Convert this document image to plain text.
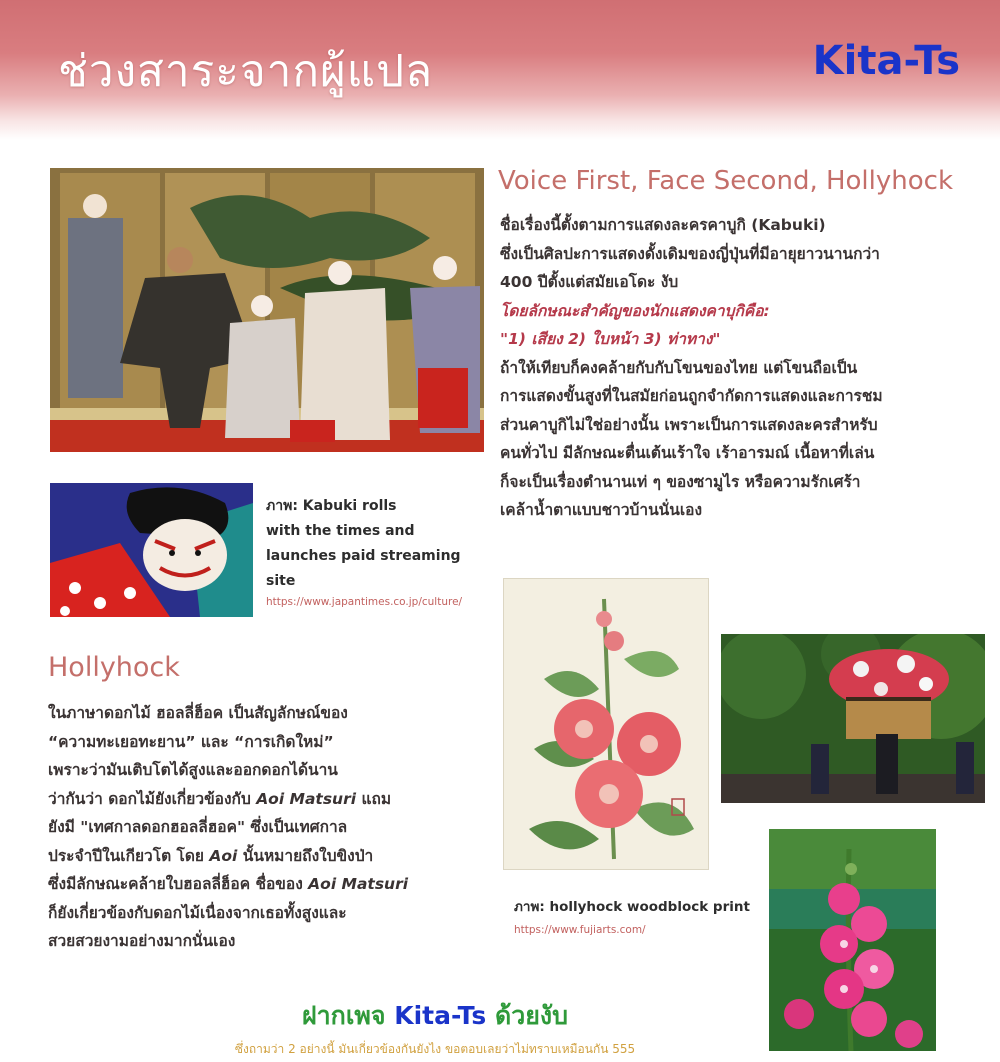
ช่วงสาระจากผู้แปล	Kita-Ts
ภาพ: Kabuki rolls
with the times and
launches paid streaming site
https://www.japantimes.co.jp/culture/
Voice First, Face Second, Hollyhock
ชื่อเรื่องนี้ตั้งตามการแสดงละครคาบูกิ (Kabuki)
ซึ่งเป็นศิลปะการแสดงดั้งเดิมของญี่ปุ่นที่มีอายุยาวนานกว่า
400 ปีตั้งแต่สมัยเอโดะ งับ
โดยลักษณะสำคัญของนักแสดงคาบุกิคือ:
"1) เสียง 2) ใบหน้า 3) ท่าทาง"
ถ้าให้เทียบก็คงคล้ายกับกับโขนของไทย แต่โขนถือเป็น
การแสดงขั้นสูงที่ในสมัยก่อนถูกจำกัดการแสดงและการชม
ส่วนคาบูกิไม่ใช่อย่างนั้น เพราะเป็นการแสดงละครสำหรับ
คนทั่วไป มีลักษณะตื่นเต้นเร้าใจ เร้าอารมณ์ เนื้อหาที่เล่น
ก็จะเป็นเรื่องตำนานเท่ ๆ ของซามูไร หรือความรักเศร้า
เคล้าน้ำตาแบบชาวบ้านนั่นเอง
Hollyhock
ในภาษาดอกไม้ ฮอลลี่ฮ็อค เป็นสัญลักษณ์ของ
“ความทะเยอทะยาน” และ “การเกิดใหม่”
เพราะว่ามันเติบโตได้สูงและออกดอกได้นาน
ว่ากันว่า ดอกไม้ยังเกี่ยวข้องกับ Aoi Matsuri แถม
ยังมี "เทศกาลดอกฮอลลี่ฮอค" ซึ่งเป็นเทศกาล
ประจำปีในเกียวโต โดย Aoi นั้นหมายถึงใบขิงป่า
ซึ่งมีลักษณะคล้ายใบฮอลลี่ฮ็อค ชื่อของ Aoi Matsuri
ก็ยังเกี่ยวข้องกับดอกไม้เนื่องจากเธอทั้งสูงและ
สวยสวยงามอย่างมากนั่นเอง
ภาพ: hollyhock woodblock print
https://www.fujiarts.com/
ฝากเพจ Kita-Ts ด้วยงับ
ซึ่งถามว่า 2 อย่างนี้ มันเกี่ยวข้องกันยังไง ขอตอบเลยว่าไม่ทราบเหมือนกัน 555
